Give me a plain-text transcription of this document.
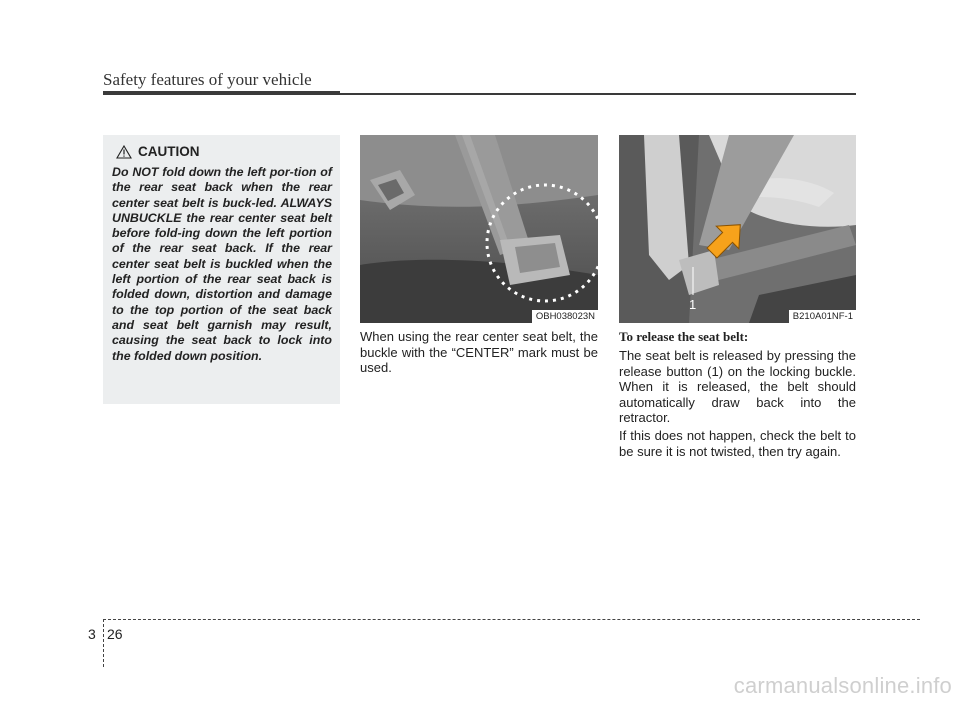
Safety features of your vehicle
CAUTION
Do NOT fold down the left por-tion of the rear seat back when the rear center seat belt is buck-led. ALWAYS UNBUCKLE the rear center seat belt before fold-ing down the left portion of the rear seat back. If the rear center seat belt is buckled when the left portion of the rear seat back is folded down, distortion and damage to the top portion of the seat back and seat belt garnish may result, causing the seat back to lock into the folded down position.
OBH038023N
1
B210A01NF-1
When using the rear center seat belt, the buckle with the “CENTER” mark must be used.
To release the seat belt:
The seat belt is released by pressing the release button (1) on the locking buckle. When it is released, the belt should automatically draw back into the retractor.
If this does not happen, check the belt to be sure it is not twisted, then try again.
3 26
carmanualsonline.info
